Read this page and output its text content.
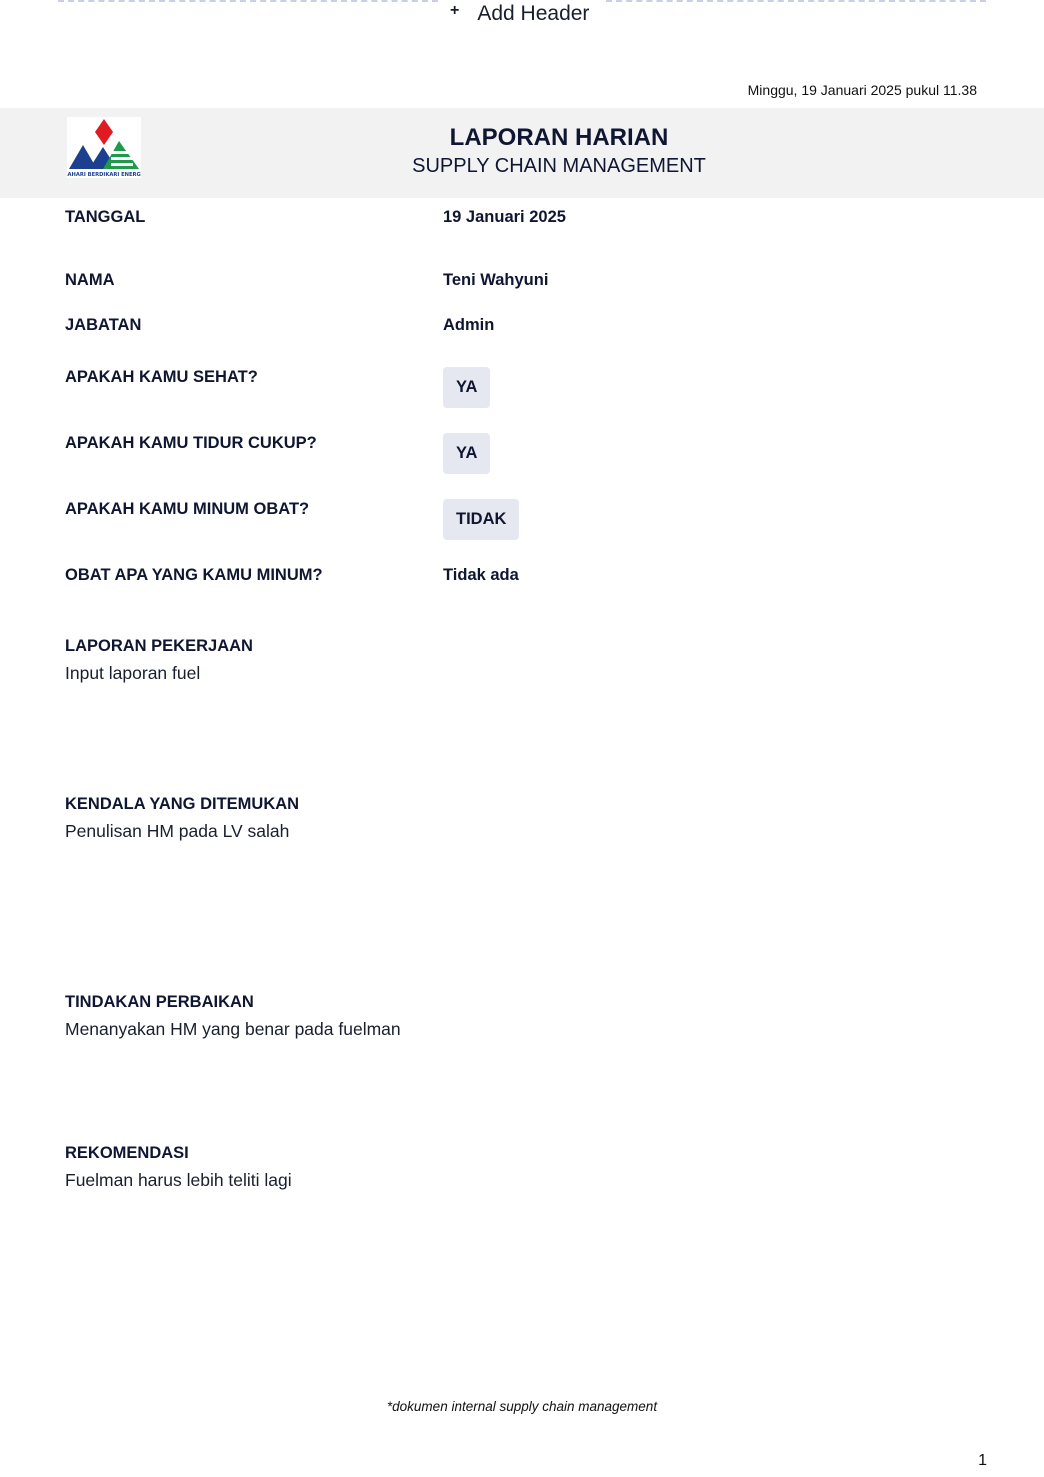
+ Add Header
Minggu, 19 Januari 2025 pukul 11.38
BAHARI BERDIKARI ENERGY
LAPORAN HARIAN
SUPPLY CHAIN MANAGEMENT
TANGGAL	19 Januari 2025
NAMA	Teni Wahyuni
JABATAN	Admin
APAKAH KAMU SEHAT?
YA
APAKAH KAMU TIDUR CUKUP?
YA
APAKAH KAMU MINUM OBAT?
TIDAK
OBAT APA YANG KAMU MINUM?	Tidak ada
LAPORAN PEKERJAAN
Input laporan fuel
KENDALA YANG DITEMUKAN
Penulisan HM pada LV salah
TINDAKAN PERBAIKAN
Menanyakan HM yang benar pada fuelman
REKOMENDASI
Fuelman harus lebih teliti lagi
*dokumen internal supply chain management
1
